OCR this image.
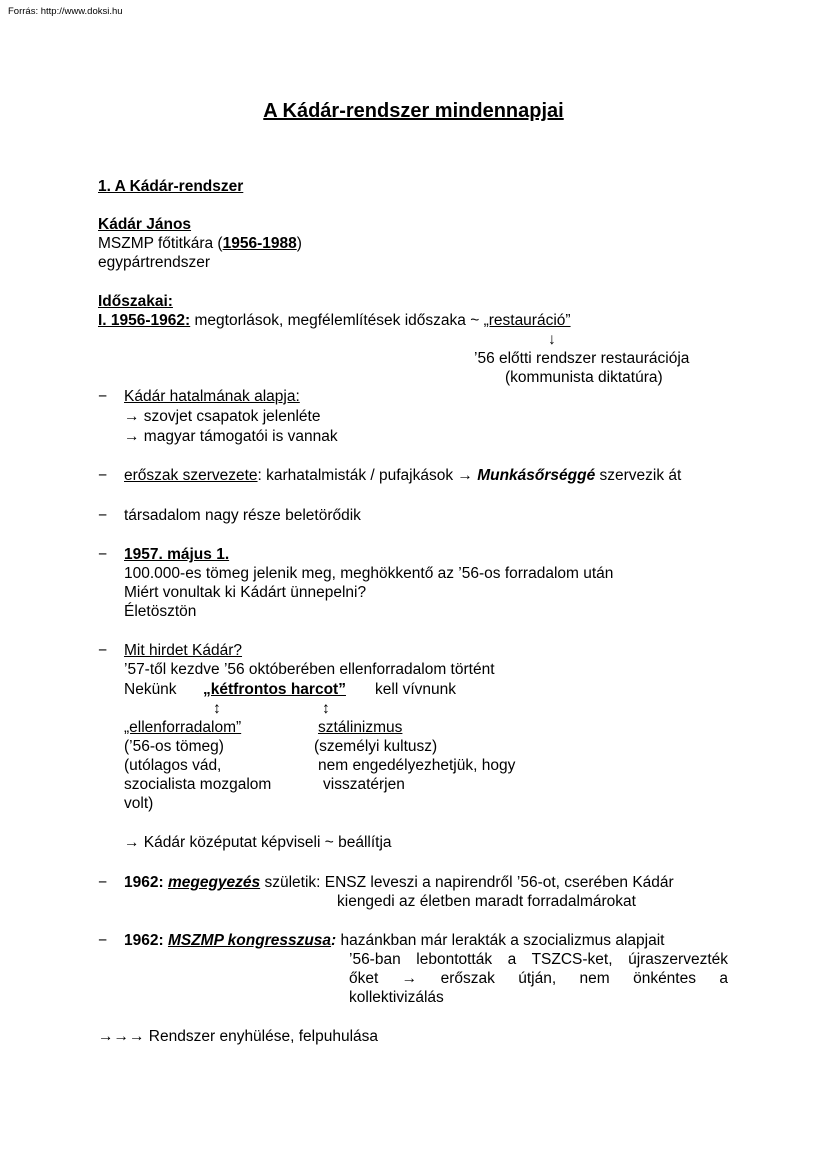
Forrás: http://www.doksi.hu
A Kádár-rendszer mindennapjai
1. A Kádár-rendszer
Kádár János
MSZMP főtitkára (1956-1988)
egypártrendszer
Időszakai:
I. 1956-1962: megtorlások, megfélemlítések időszaka ~ „restauráció”
↓
’56 előtti rendszer restaurációja
(kommunista diktatúra)
− Kádár hatalmának alapja:
→ szovjet csapatok jelenléte
→ magyar támogatói is vannak
− erőszak szervezete: karhatalmisták / pufajkások → Munkásőrséggé szervezik át
− társadalom nagy része beletörődik
− 1957. május 1.
100.000-es tömeg jelenik meg, meghökkentő az ’56-os forradalom után
Miért vonultak ki Kádárt ünnepelni?
Életösztön
− Mit hirdet Kádár?
’57-től kezdve ’56 októberében ellenforradalom történt
Nekünk „kétfrontos harcot” kell vívnunk
↕	↕
„ellenforradalom”
(’56-os tömeg)
(utólagos vád,
szocialista mozgalom
volt)
sztálinizmus
(személyi kultusz)
nem engedélyezhetjük, hogy
visszatérjen
→ Kádár középutat képviseli ~ beállítja
− 1962: megegyezés születik: ENSZ leveszi a napirendről ’56-ot, cserében Kádár
kiengedi az életben maradt forradalmárokat
− 1962: MSZMP kongresszusa: hazánkban már lerakták a szocializmus alapjait
’56-ban lebontották a TSZCS-ket, újraszervezték
őket → erőszak útján, nem önkéntes a
kollektivizálás
→→→ Rendszer enyhülése, felpuhulása
